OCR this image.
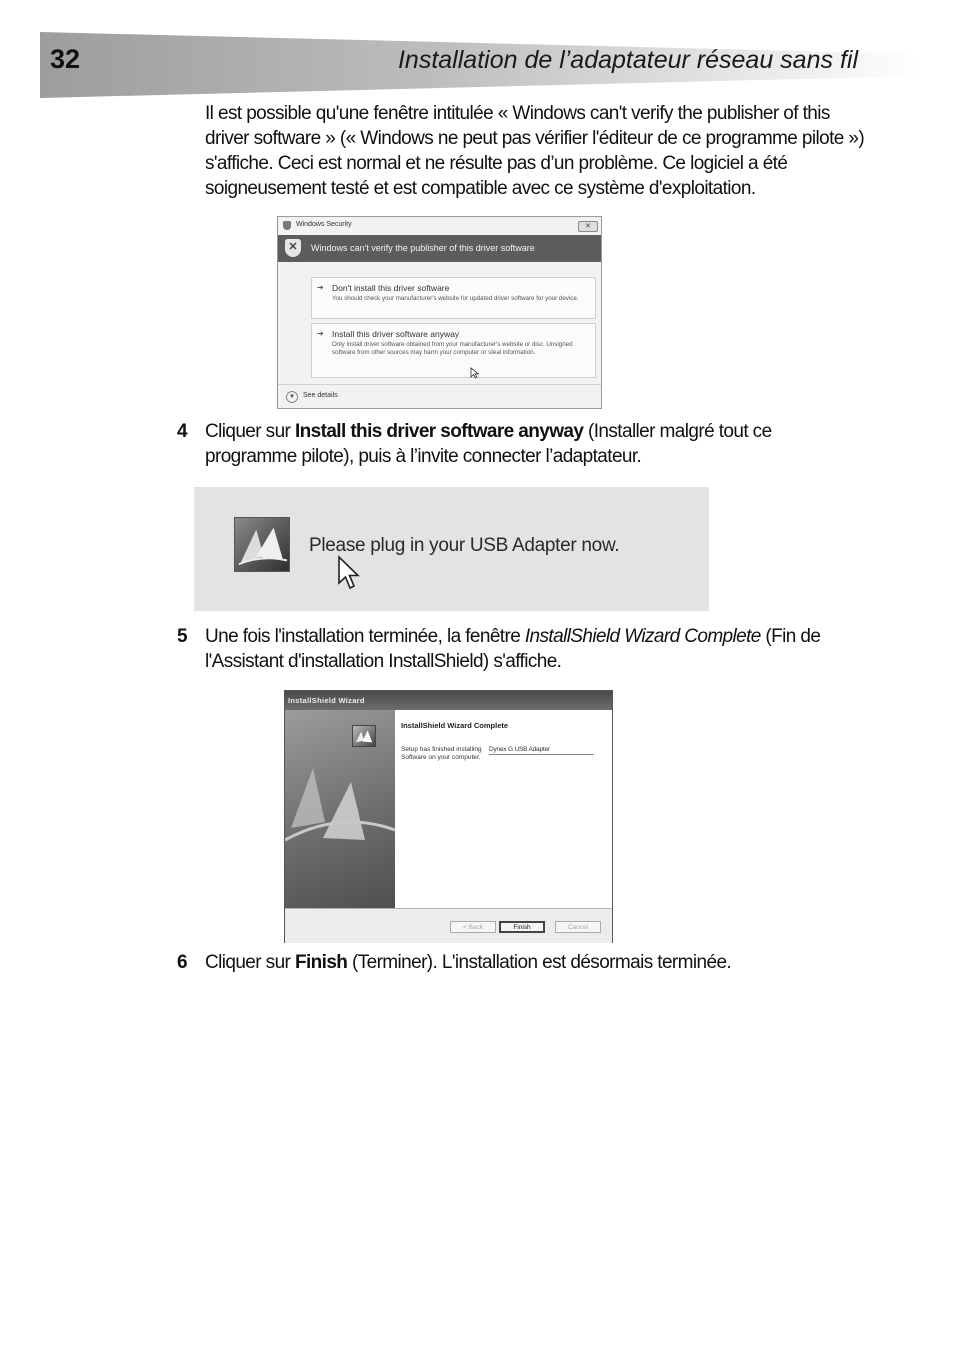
32	Installation de l’adaptateur réseau sans fil
Il est possible qu'une fenêtre intitulée « Windows can't verify the publisher of this
driver software » (« Windows ne peut pas vérifier l'éditeur de ce programme pilote »)
s'affiche. Ceci est normal et ne résulte pas d’un problème. Ce logiciel a été
soigneusement testé et est compatible avec ce système d'exploitation.
Windows Security	✕
✕	Windows can't verify the publisher of this driver software
➔ Don't install this driver software
You should check your manufacturer's website for updated driver software for your device.
➔ Install this driver software anyway
Only install driver software obtained from your manufacturer's website or disc. Unsigned software from other sources may harm your computer or steal information.
▼	See details
4 Cliquer sur Install this driver software anyway (Installer malgré tout ce
programme pilote), puis à l’invite connecter l’adaptateur.
Please plug in your USB Adapter now.
5 Une fois l'installation terminée, la fenêtre InstallShield Wizard Complete (Fin de
l'Assistant d'installation InstallShield) s'affiche.
InstallShield Wizard
InstallShield Wizard Complete
Setup has finished installing
Software on your computer.
Dynex G USB Adapter
< Back	Finish	Cancel
6 Cliquer sur Finish (Terminer). L'installation est désormais terminée.
